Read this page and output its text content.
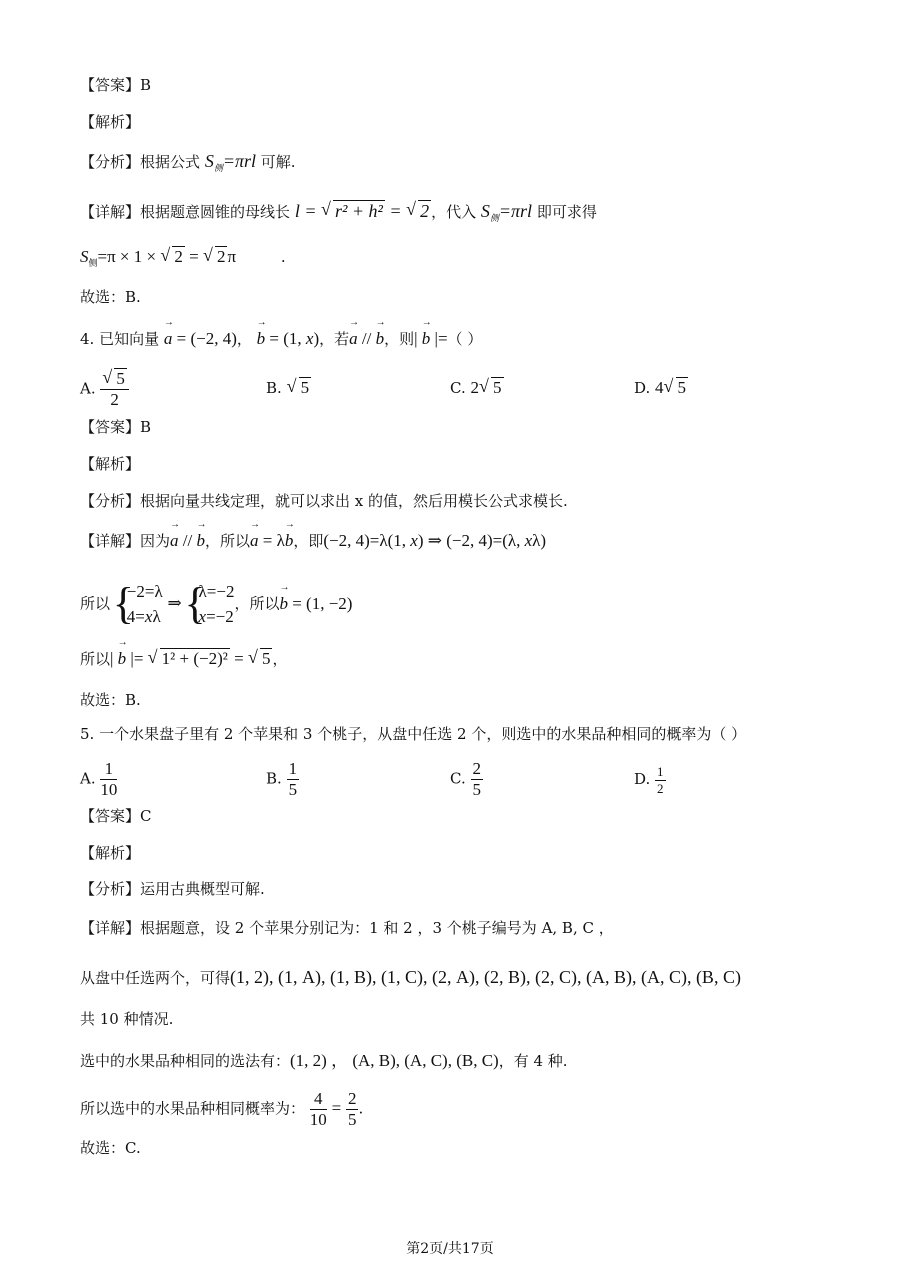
【答案】B
【解析】
【分析】根据公式 $S_侧=\pi rl$ 可解.
【详解】根据题意圆锥的母线长 l = √ r² + h² = √ 2 ，代入 $S_侧=\pi rl$ 即可求得
$S_侧=\pi \times 1$ × √ 2 = √ 2 π	.
故选：B.
4. 已知向量 → a = (−2, 4)， → b = (1, x)，若→ a // → b，则| → b |=（ ）
A. √ $\frac{5}{2}$	B. √ 5	C. 2 √ 5	D. 4 √ 5
【答案】B
【解析】
【分析】根据向量共线定理，就可以求出 x 的值，然后用模长公式求模长.
【详解】因为→ a // → b，所以→ a = λ→ b，即(−2, 4)=λ(1, x) ⇒ (−2, 4)=(λ, xλ)
所以 { −2=λ
4=xλ ⇒ { λ=−2
x=−2，所以→ b = (1, −2)
所以| → b |= √ 1² + (−2)² = √ 5 ，
故选：B.
5. 一个水果盘子里有 2 个苹果和 3 个桃子，从盘中任选 2 个，则选中的水果品种相同的概率为（ ）
A. $\frac{1}{10}$	B. $\frac{1}{5}$	C. $\frac{2}{5}$	D. $\frac{1}{2}$
【答案】C
【解析】
【分析】运用古典概型可解.
【详解】根据题意，设 2 个苹果分别记为：1 和 2 ，3 个桃子编号为 A, B, C ，
从盘中任选两个，可得(1, 2), (1, A), (1, B), (1, C), (2, A), (2, B), (2, C), (A, B), (A, C), (B, C)
共 10 种情况.
选中的水果品种相同的选法有：(1, 2) ， (A, B), (A, C), (B, C)，有 4 种.
所以选中的水果品种相同概率为： $\frac{4}{10} = \frac{2}{5}$ .
故选：C.
第2页/共17页
